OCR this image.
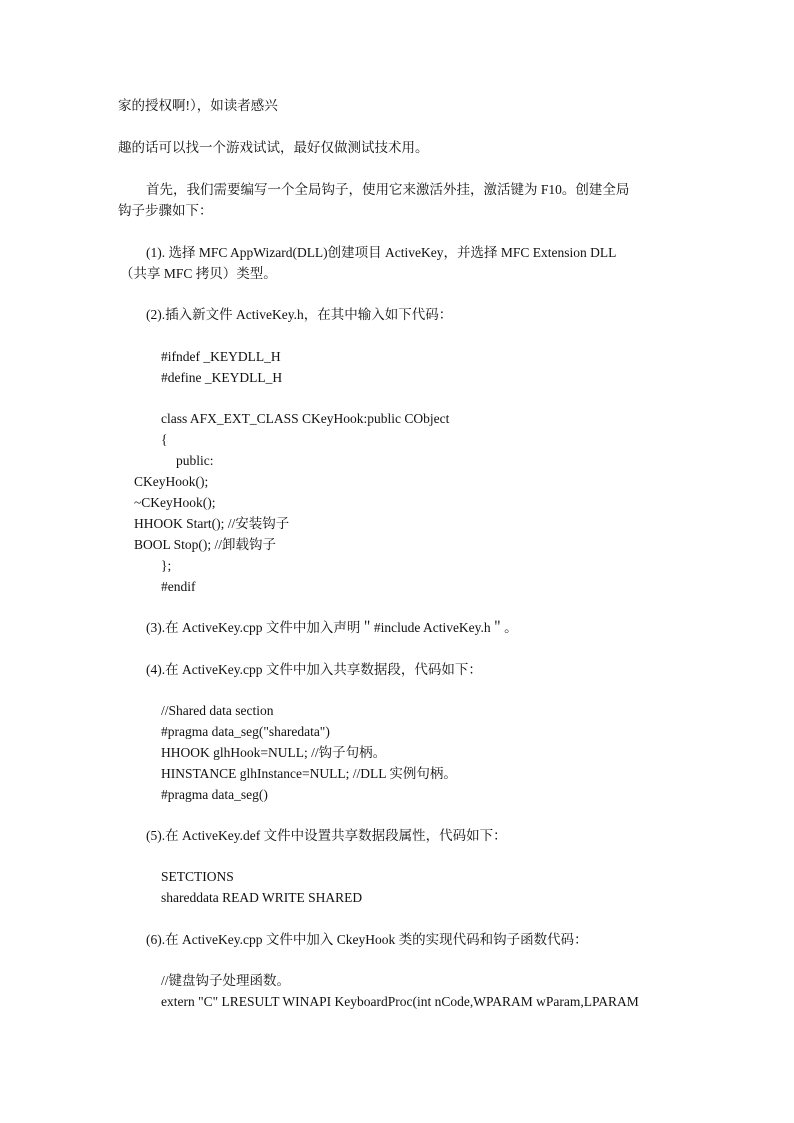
家的授权啊!），如读者感兴
趣的话可以找一个游戏试试，最好仅做测试技术用。
首先，我们需要编写一个全局钩子，使用它来激活外挂，激活键为 F10。创建全局
钩子步骤如下：
(1). 选择 MFC AppWizard(DLL)创建项目 ActiveKey，并选择 MFC Extension DLL
（共享 MFC 拷贝）类型。
(2).插入新文件 ActiveKey.h，在其中输入如下代码：
#ifndef _KEYDLL_H
#define _KEYDLL_H
class AFX_EXT_CLASS CKeyHook:public CObject
{
public:
CKeyHook();
~CKeyHook();
HHOOK Start(); //安装钩子
BOOL Stop(); //卸载钩子
};
#endif
(3).在 ActiveKey.cpp 文件中加入声明＂#include ActiveKey.h＂。
(4).在 ActiveKey.cpp 文件中加入共享数据段，代码如下：
//Shared data section
#pragma data_seg("sharedata")
HHOOK glhHook=NULL; //钩子句柄。
HINSTANCE glhInstance=NULL; //DLL 实例句柄。
#pragma data_seg()
(5).在 ActiveKey.def 文件中设置共享数据段属性，代码如下：
SETCTIONS
shareddata READ WRITE SHARED
(6).在 ActiveKey.cpp 文件中加入 CkeyHook 类的实现代码和钩子函数代码：
//键盘钩子处理函数。
extern "C" LRESULT WINAPI KeyboardProc(int nCode,WPARAM wParam,LPARAM
